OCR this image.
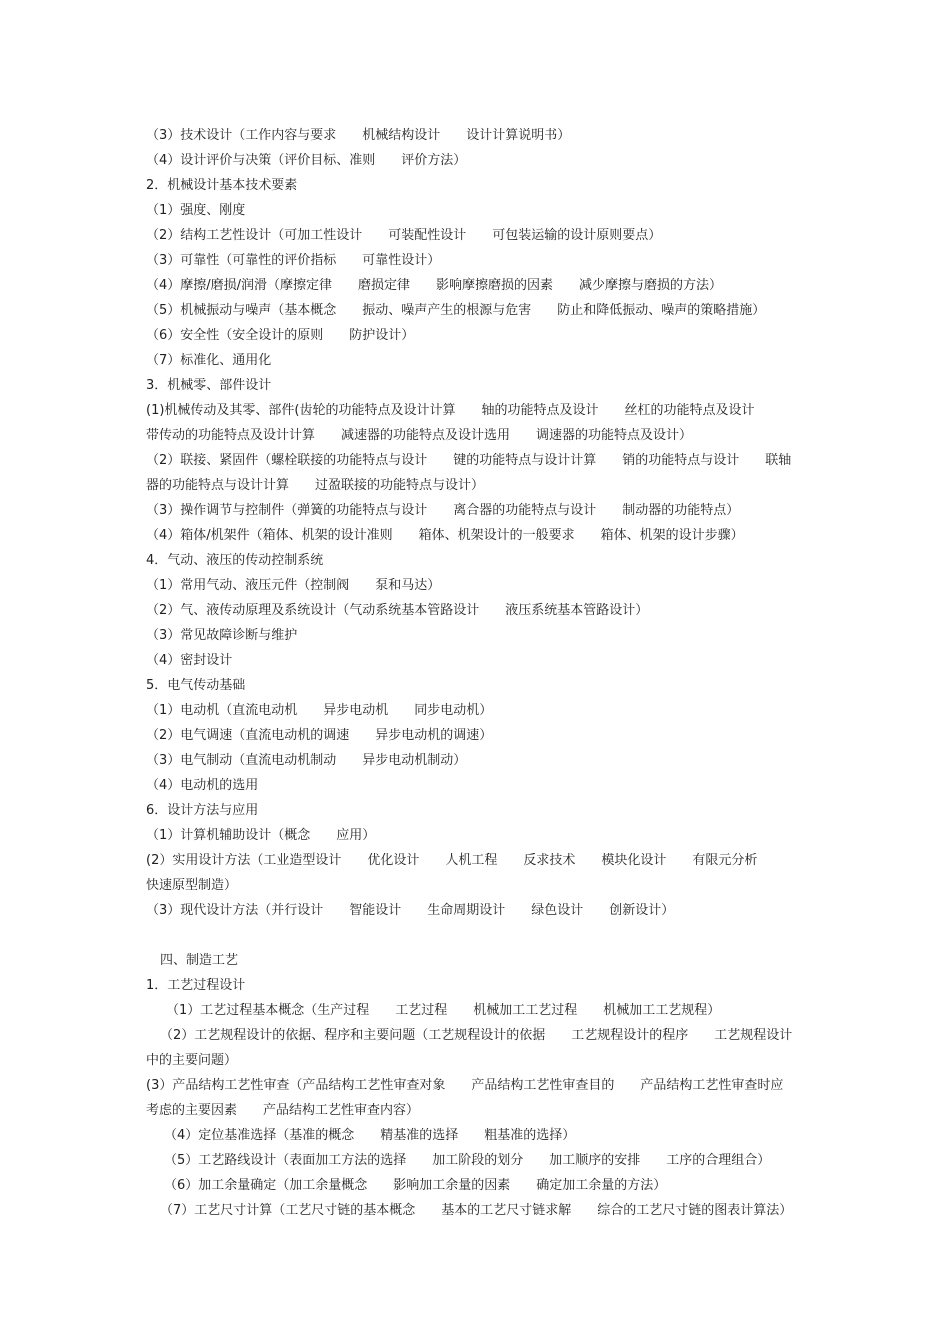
（3）技术设计（工作内容与要求　　机械结构设计　　设计计算说明书）
（4）设计评价与决策（评价目标、准则　　评价方法）
2．机械设计基本技术要素
（1）强度、刚度
（2）结构工艺性设计（可加工性设计　　可装配性设计　　可包装运输的设计原则要点）
（3）可靠性（可靠性的评价指标　　可靠性设计）
（4）摩擦/磨损/润滑（摩擦定律　　磨损定律　　影响摩擦磨损的因素　　减少摩擦与磨损的方法）
（5）机械振动与噪声（基本概念　　振动、噪声产生的根源与危害　　防止和降低振动、噪声的策略措施）
（6）安全性（安全设计的原则　　防护设计）
（7）标准化、通用化
3．机械零、部件设计
(1)机械传动及其零、部件(齿轮的功能特点及设计计算　　轴的功能特点及设计　　丝杠的功能特点及设计
带传动的功能特点及设计计算　　减速器的功能特点及设计选用　　调速器的功能特点及设计）
（2）联接、紧固件（螺栓联接的功能特点与设计　　键的功能特点与设计计算　　销的功能特点与设计　　联轴
器的功能特点与设计计算　　过盈联接的功能特点与设计）
（3）操作调节与控制件（弹簧的功能特点与设计　　离合器的功能特点与设计　　制动器的功能特点）
（4）箱体/机架件（箱体、机架的设计准则　　箱体、机架设计的一般要求　　箱体、机架的设计步骤）
4．气动、液压的传动控制系统
（1）常用气动、液压元件（控制阀　　泵和马达）
（2）气、液传动原理及系统设计（气动系统基本管路设计　　液压系统基本管路设计）
（3）常见故障诊断与维护
（4）密封设计
5．电气传动基础
（1）电动机（直流电动机　　异步电动机　　同步电动机）
（2）电气调速（直流电动机的调速　　异步电动机的调速）
（3）电气制动（直流电动机制动　　异步电动机制动）
（4）电动机的选用
6．设计方法与应用
（1）计算机辅助设计（概念　　应用）
(2）实用设计方法（工业造型设计　　优化设计　　人机工程　　反求技术　　模块化设计　　有限元分析
快速原型制造）
（3）现代设计方法（并行设计　　智能设计　　生命周期设计　　绿色设计　　创新设计）
四、制造工艺
1．工艺过程设计
（1）工艺过程基本概念（生产过程　　工艺过程　　机械加工工艺过程　　机械加工工艺规程）
（2）工艺规程设计的依据、程序和主要问题（工艺规程设计的依据　　工艺规程设计的程序　　工艺规程设计
中的主要问题）
(3）产品结构工艺性审查（产品结构工艺性审查对象　　产品结构工艺性审查目的　　产品结构工艺性审查时应
考虑的主要因素　　产品结构工艺性审查内容）
（4）定位基准选择（基准的概念　　精基准的选择　　粗基准的选择）
（5）工艺路线设计（表面加工方法的选择　　加工阶段的划分　　加工顺序的安排　　工序的合理组合）
（6）加工余量确定（加工余量概念　　影响加工余量的因素　　确定加工余量的方法）
（7）工艺尺寸计算（工艺尺寸链的基本概念　　基本的工艺尺寸链求解　　综合的工艺尺寸链的图表计算法）
